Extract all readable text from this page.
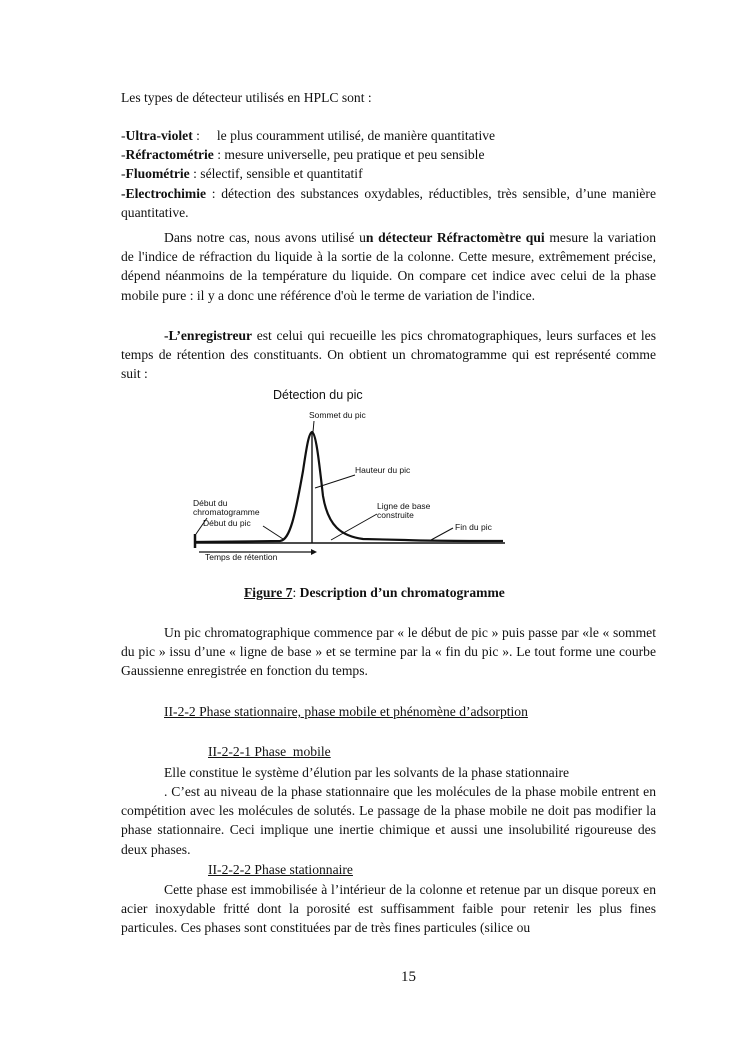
Les types de détecteur utilisés en HPLC sont :
-Ultra-violet :     le plus couramment utilisé, de manière quantitative
-Réfractométrie : mesure universelle, peu pratique et peu sensible
-Fluométrie : sélectif, sensible et quantitatif
-Electrochimie : détection des substances oxydables, réductibles, très sensible, d’une manière quantitative.
Dans notre cas, nous avons utilisé un détecteur Réfractomètre qui mesure la variation de l'indice de réfraction du liquide à la sortie de la colonne. Cette mesure, extrêmement précise, dépend néanmoins de la température du liquide. On compare cet indice avec celui de la phase mobile pure : il y a donc une référence d'où le terme de variation de l'indice.
-L’enregistreur est celui qui recueille les pics chromatographiques, leurs surfaces et les temps de rétention des constituants. On obtient un chromatogramme qui est représenté comme suit :
Détection du pic
Temps de rétention
Sommet du pic
Hauteur du pic
Début du
chromatogramme
Début du pic
Ligne de base
construite
Fin du pic
Figure 7: Description d’un chromatogramme
Un pic chromatographique commence par « le début de pic » puis passe par «le « sommet du pic » issu d’une « ligne de base » et se termine par la « fin du pic ». Le tout forme une courbe Gaussienne enregistrée en fonction du temps.
II-2-2 Phase stationnaire, phase mobile et phénomène d’adsorption
II-2-2-1 Phase  mobile
Elle constitue le système d’élution par les solvants de la phase stationnaire
. C’est au niveau de la phase stationnaire que les molécules de la phase mobile entrent en compétition avec les molécules de solutés. Le passage de la phase mobile ne doit pas modifier la phase stationnaire. Ceci implique une inertie chimique et aussi une insolubilité rigoureuse des deux phases.
II-2-2-2 Phase stationnaire
Cette phase est immobilisée à l’intérieur de la colonne et retenue par un disque poreux en acier inoxydable fritté dont la porosité est suffisamment faible pour retenir les plus fines particules. Ces phases sont constituées par de très fines particules (silice ou
15
